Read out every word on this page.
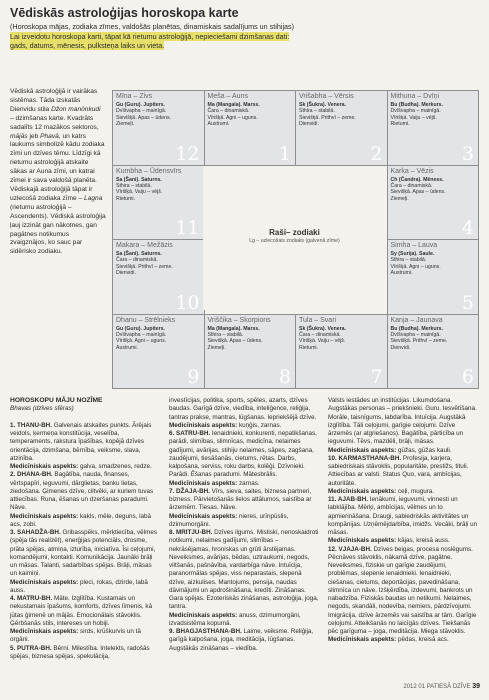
Vēdiskās astroloģijas horoskopa karte

(Horoskopa mājas, zodiaka zīmes, valdošās planētas, dinamiskais sadalījums un stihijas)

Lai izveidotu horoskopa karti, tāpat kā rietumu astroloģijā, nepieciešami dzimšanas dati:

gads, datums, mēnesis, pulksteņa laiks un vieta.

Vēdiskā astroloģijā ir vairākas sistēmas. Tāda izskatās Dienvidu stila Džon manōnkudi – dzimšanas karte. Kvadrāts sadalīts 12 mazākos sektoros, mājās jeb Phavā, un katrs laukums simbolizē kādu zodiaka zīmi un dzīves tēmu. Līdzīgi kā rietumu astroloģijā atskaite sākas ar Auna zīmi, un katrai zīmei ir sava valdošā planēta. Vēdiskajā astroloģijā tāpat ir uzlecošā zodiaka zīme – Lagna (rietumu astroloģijā – Ascendents). Vēdiskā astroloģija ļauj izzināt gan nākotnes, gan pagātnes notikumus zvaigznājos, ko sauc par sidērisko zodiaku.

Mīna – Zivs
Gu (Guru). Jupiters.
Dvīšvapha – mainīgā.
Sievišķā. Apas – ūdens.
Ziemeļi.
12
Meša – Auns
Ma (Mangala). Marss.
Čara – dinamiskā.
Vīrišķā. Agni – uguns.
Austrumi.
1
Vrišabha – Vērsis
Sk (Šukra). Venera.
Sthira – stabilā.
Sievišķā. Prithvī – zeme.
Dienvidi.
2
Mithuna – Dvīņi
Bu (Budha). Merkurs.
Dvīšvapha – mainīgā.
Vīrišķā. Vaiju – vējš.
Rietumi.
3
Kumbha – Ūdensvīrs
Sa (Šani). Saturns.
Sthira – stabilā.
Vīrišķā. Vaiju – vējš.
Rietumi.
11
Karka – Vēzis
Ch (Čandra). Mēness.
Čara – dinamiskā.
Sievišķā. Apas – ūdens.
Ziemeļi.
4
Makara – Mežāzis
Sa (Šani). Saturns.
Čara – dinamiskā.
Sievišķā. Prithvī – zeme.
Dienvidi.
10
Simha – Lauva
Sy (Surija). Saule.
Sthira – stabilā.
Vīrišķā. Agni – uguns.
Austrumi.
5
Dhanu – Strēlnieks
Gu (Guru). Jupiters.
Dvīšvapha – mainīgā.
Vīrišķā. Agni – uguns.
Austrumi.
9
Vriščika – Skorpions
Ma (Mangala). Marss.
Sthira – stabilā.
Sievišķā. Apas – ūdens.
Ziemeļi.
8
Tula – Svari
Sk (Šukra). Venera.
Čara – dinamiskā.
Vīrišķā. Vaiju – vējš.
Rietumi.
7
Kanja – Jaunava
Bu (Budha). Merkurs.
Dvīšvapha – mainīgā.
Sievišķā. Prithvī – zeme.
Dienvidi.
6
Raši– zodiaki
Lg – uzlecošais zodiaks (galvenā zīme)

HOROSKOPU MĀJU NOZĪME

Bhavas (dzīves sfēras)

1. THANU-BH. Galvenais atskaites punkts. Ārējais veidols, ķermeņa konstitūcija, veselība, temperaments, raksturа īpašības, kopējā dzīves orientācija, dzimšana, bērnība, veiksme, slava, atzinība.

Medicīniskais aspekts: galva, smadzenes, redze.

2. DHANA-BH. Bagātība, nauda, finanses, vērtspapīri, ieguvumi, dārglietas, banku lietas, ziedošana. Ģimenes dzīve, ciltvēki, ar kuriem tuvas attiecības. Runa, ēšanas un dzeršanas paradumi. Nāve.

Medicīniskais aspekts: kakls, mēle, deguns, labā acs, zobi.

3. SAHADŽA-BH. Gribasspēks, mērķtiecība, vēlmes (spēja tās realizēt), enerģijas potenciāls, drosme, prāta spējas, atmiņa, izturība, iniciatīva. Īsi ceļojumi, komandējumi, kontakti. Komunikācija. Jaunāki brāļi un māsas. Talanti, sadarbības spējas. Brāļi, māsas un kaimiņi.

Medicīniskais aspekts: pleci, rokas, dzirde, labā auss.

4. MATRU-BH. Māte. Izglītība. Kustamais un nekustamais īpašums, komforts, dzīves līmenis, kā jūtas ģimenē un mājās. Emocionālais stāvoklis. Ģērbšanās stils, intereses un hobiji.

Medicīniskais aspekts: sirds, krūškurvis un tā orgāni.

5. PUTRA-BH. Bērni. Milestība. Intelekts, radošās spējas, biznesa spējas, spekulācija,

investīcijas, politika, sports, spēles, azarts, dzīves baudas. Garīgā dzīve, viedība, inteliģence, reliģija, tantras prakse, mantras, lūgšanas. Iepriekšējā dzīve.

Medicīniskais aspekts: kuņģis, zarnas.

6. SATRU-BH. Ienaidnieki, konkurenti, nepatikšanas, parādi, slimības, slimnīcas, medicīna, nelaimes gadījumi, avārijas, stihiju nelaimes, sāpes, zagšana, zaudējumi, tiesāšanās, cietums, rētas. Darbs, kalpošana, serviss, roku darbs, kolēģi. Dzīvnieki. Parādi. Ēšanas paradumi. Mātesbrālis.

Medicīniskais aspekts: zarnas.

7. DŽAJA-BH. Vīrs, sieva, saites, biznesa partneri, bizness. Pārvietošanās lielos attālumos, saistība ar ārzemēm. Tiesas. Nāve.

Medicīniskais aspekts: nieres, urīnpūslis, dzimumorgāni.

8. MRITJU-BH. Dzīves ilgums. Mistiski, nenoskaidroti notikumi, nelaimes gadījumi, slimības – nekrāsējamas, hroniskas un grūti ārstējamas. Neveiksmes, avārijas, bēdas, uztraukumi, negods, viltšanās, pašnāvība, vardarbīga nāve. Intuīcija, paranormālas spējas, viss neparastais, slepenā dzīve, aizkulises. Mantojums, pensija, naudas dāvinājumi un apdrošināšana, kredīti. Zināšanas. Gara spējas. Ezoteriskās zināšanas, astroloģija, joga, tantra.

Medicīniskais aspekts: anuss, dzimumorgāni, izvadsistēma kopumā.

9. BHAGJASTHANA-BH. Laime, veiksme. Reliģija, garīgā kalpošana, joga, meditācija, lūgšanas. Augstākās zināšanas – viedība.

Valsts iestādes un institūcijas. Likumdošana. Augstākas personas – priekšnieki. Guru. Iesvētīšana. Morāle, taisnīgums, labdarība. Intuīcija. Augstākā izglītība. Tāli ceļojumi, garīgie ceļojumi. Dzīve ārzemēs (ar atgriešanos). Bagātība, pārticība un ieguvumi. Tēvs, mazdēli, brāļi, māsas.

Medicīniskais aspekts: gūžas, gūžas kauli.

10. KARMASTHANA-BH. Profesija, karjera, sabiedriskais stāvoklis, popularitāte, prestižs, tituli. Attiecības ar valsti. Status Quo, vara, ambīcijas, autoritāte.

Medicīniskais aspekts: ceļi, mugura.

11. AJAB-BH. Ienākumi, ieguvumi, vinnesti un labklājība. Mērķi, ambīcijas, vēlmes un to apmierināšana. Draugi, sabiedriskās aktivitātes un kompānijas. Uzņēmējdarbība, imidžs. Vecāki, brāļi un māsas.

Medicīniskais aspekts: kājas, kreisā auss.

12. VJAJA-BH. Dzīves beigas, procesa noslēgums. Pēcnāves stāvoklis, nākamā dzīve, pagātne. Neveiksmes, fiziskie un garīgie zaudējumi, problēmas, slepenie ienaidnieki. Ienaidnieki, ciešanas, cietums, deportācijas, pavedināšana, slimnīca un nāve. Izšķērdība, izdevumi, bankrots un nabadzība. Fiziskās baudas un netikumi. Nelaimes, negods, skandāli, nodevība, nemiers, pārdzīvojumi. Imigrācija, dzīve ārzemēs vai saistība ar tām. Garīgie ceļojumi. Atteikšanās no laicīgās dzīves. Tiekšanās pēc garīguma – joga, meditācija. Miega stāvoklis.

Medicīniskais aspekts: pēdas, kreisā acs.

2012 01 PATIESĀ DZĪVE 39
